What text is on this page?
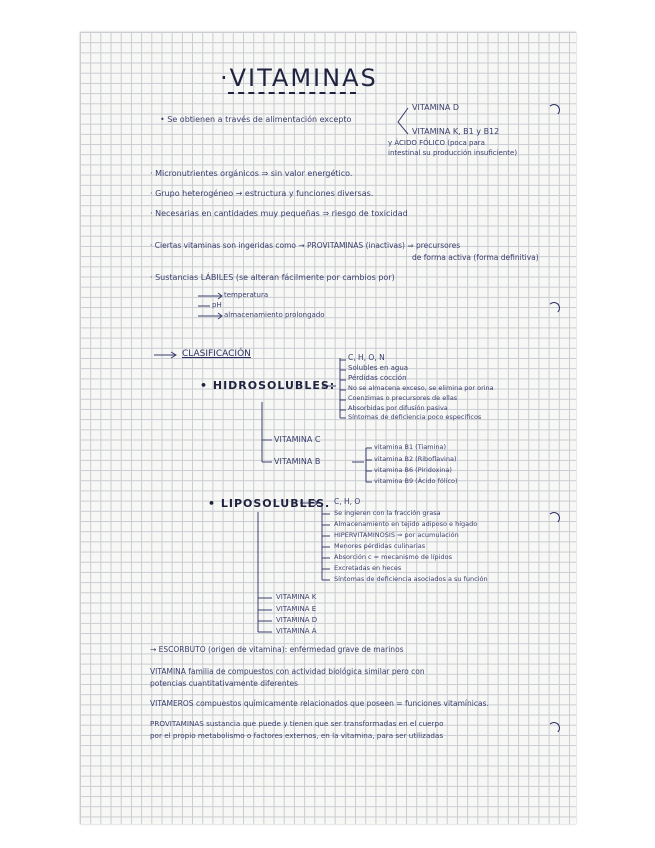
·VITAMINAS
• Se obtienen a través de alimentación excepto
VITAMINA D
VITAMINA K, B1 y B12
y ÁCIDO FÓLICO (poca para
intestinal su producción insuficiente)
· Micronutrientes orgánicos ⇒ sin valor energético.
· Grupo heterogéneo → estructura y funciones diversas.
· Necesarias en cantidades muy pequeñas ⇒ riesgo de toxicidad
· Ciertas vitaminas son ingeridas como → PROVITAMINAS (inactivas) ⇒ precursores
de forma activa (forma definitiva)
· Sustancias LÁBILES (se alteran fácilmente por cambios por)
temperatura
pH
almacenamiento prolongado
CLASIFICACIÓN
• HIDROSOLUBLES:
C, H, O, N
Solubles en agua
Pérdidas cocción
No se almacena exceso, se elimina por orina
Coenzimas o precursores de ellas
Absorbidas por difusión pasiva
Síntomas de deficiencia poco específicos
VITAMINA C
VITAMINA B
vitamina B1 (Tiamina)
vitamina B2 (Riboflavina)
vitamina B6 (Piridoxina)
vitamina B9 (Ácido fólico)
• LIPOSOLUBLES. C, H, O
Se ingieren con la fracción grasa
Almacenamiento en tejido adiposo e hígado
HIPERVITAMINOSIS ⇒ por acumulación
Menores pérdidas culinarias
Absorción c = mecanismo de lípidos
Excretadas en heces
Síntomas de deficiencia asociados a su función
VITAMINA K
VITAMINA E
VITAMINA D
VITAMINA A
→ ESCORBUTO (origen de vitamina): enfermedad grave de marinos
VITAMINA familia de compuestos con actividad biológica similar pero con
potencias cuantitativamente diferentes
VITAMEROS compuestos químicamente relacionados que poseen = funciones vitamínicas.
PROVITAMINAS sustancia que puede y tienen que ser transformadas en el cuerpo
por el propio metabolismo o factores externos, en la vitamina, para ser utilizadas
